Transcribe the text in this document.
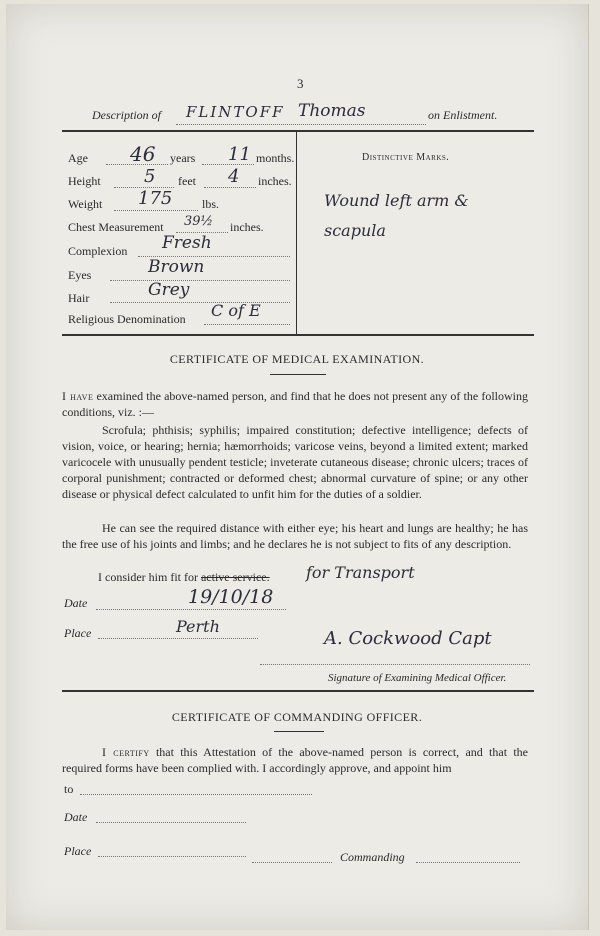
3
Description of FLINTOFF Thomas	on Enlistment.
Age 46 years 11 months.
Height 5 feet 4 inches.
Weight 175 lbs.
Chest Measurement 39½ inches.
Complexion Fresh
Eyes	Brown
Hair	Grey
Religious Denomination C of E
Distinctive Marks.
Wound left arm & scapula
CERTIFICATE OF MEDICAL EXAMINATION.
I have examined the above-named person, and find that he does not present any of the following conditions, viz. :—
Scrofula; phthisis; syphilis; impaired constitution; defective intelligence; defects of vision, voice, or hearing; hernia; hæmorrhoids; varicose veins, beyond a limited extent; marked varicocele with unusually pendent testicle; inveterate cutaneous disease; chronic ulcers; traces of corporal punishment; contracted or deformed chest; abnormal curvature of spine; or any other disease or physical defect calculated to unfit him for the duties of a soldier.
He can see the required distance with either eye; his heart and lungs are healthy; he has the free use of his joints and limbs; and he declares he is not subject to fits of any description.
I consider him fit for active service. for Transport
Date	19/10/18
Place	Perth
A. Cockwood Capt
Signature of Examining Medical Officer.
CERTIFICATE OF COMMANDING OFFICER.
I certify that this Attestation of the above-named person is correct, and that the required forms have been complied with. I accordingly approve, and appoint him
to
Date
Place	Commanding
